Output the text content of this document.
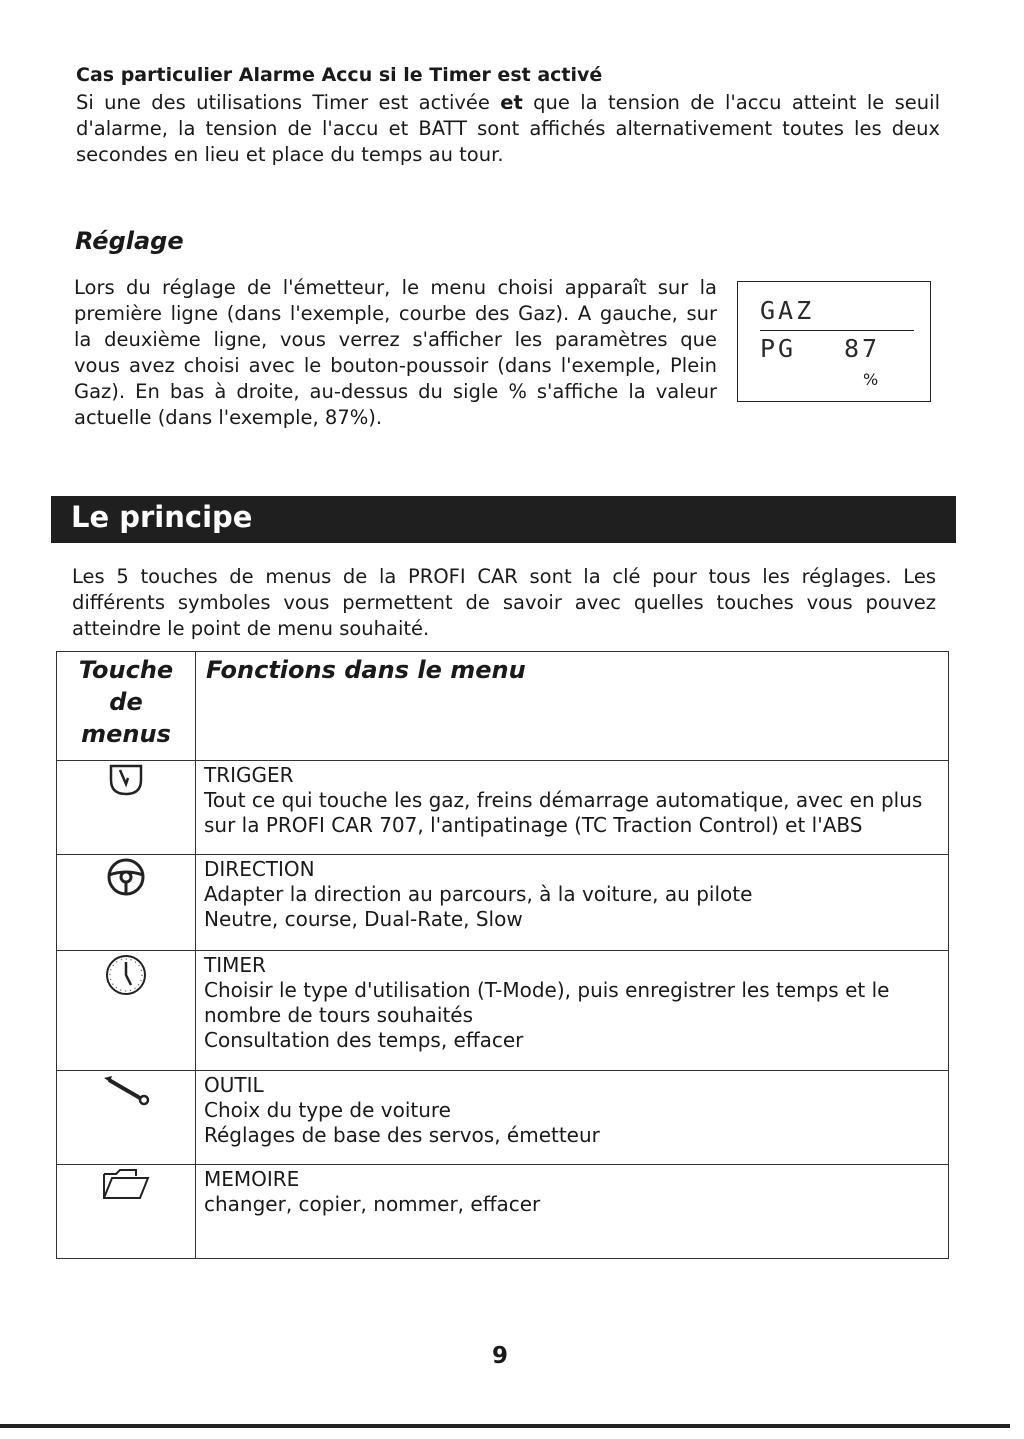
Cas particulier Alarme Accu si le Timer est activé
Si une des utilisations Timer est activée et que la tension de l'accu atteint le seuil
d'alarme, la tension de l'accu et BATT sont affichés alternativement toutes les deux
secondes en lieu et place du temps au tour.
Réglage
Lors du réglage de l'émetteur, le menu choisi apparaît sur la
première ligne (dans l'exemple, courbe des Gaz). A gauche, sur
la deuxième ligne, vous verrez s'afficher les paramètres que
vous avez choisi avec le bouton-poussoir (dans l'exemple, Plein
Gaz). En bas à droite, au-dessus du sigle % s'affiche la valeur
actuelle (dans l'exemple, 87%).
GAZ
PG 87
%
Le principe
Les 5 touches de menus de la PROFI CAR sont la clé pour tous les réglages. Les
différents symboles vous permettent de savoir avec quelles touches vous pouvez
atteindre le point de menu souhaité.
Touche
de
menus	Fonctions dans le menu

TRIGGER
Tout ce qui touche les gaz, freins démarrage automatique, avec en plus
sur la PROFI CAR 707, l'antipatinage (TC Traction Control) et l'ABS

DIRECTION
Adapter la direction au parcours, à la voiture, au pilote
Neutre, course, Dual-Rate, Slow

TIMER
Choisir le type d'utilisation (T-Mode), puis enregistrer les temps et le
nombre de tours souhaités
Consultation des temps, effacer

OUTIL
Choix du type de voiture
Réglages de base des servos, émetteur

MEMOIRE
changer, copier, nommer, effacer
9
